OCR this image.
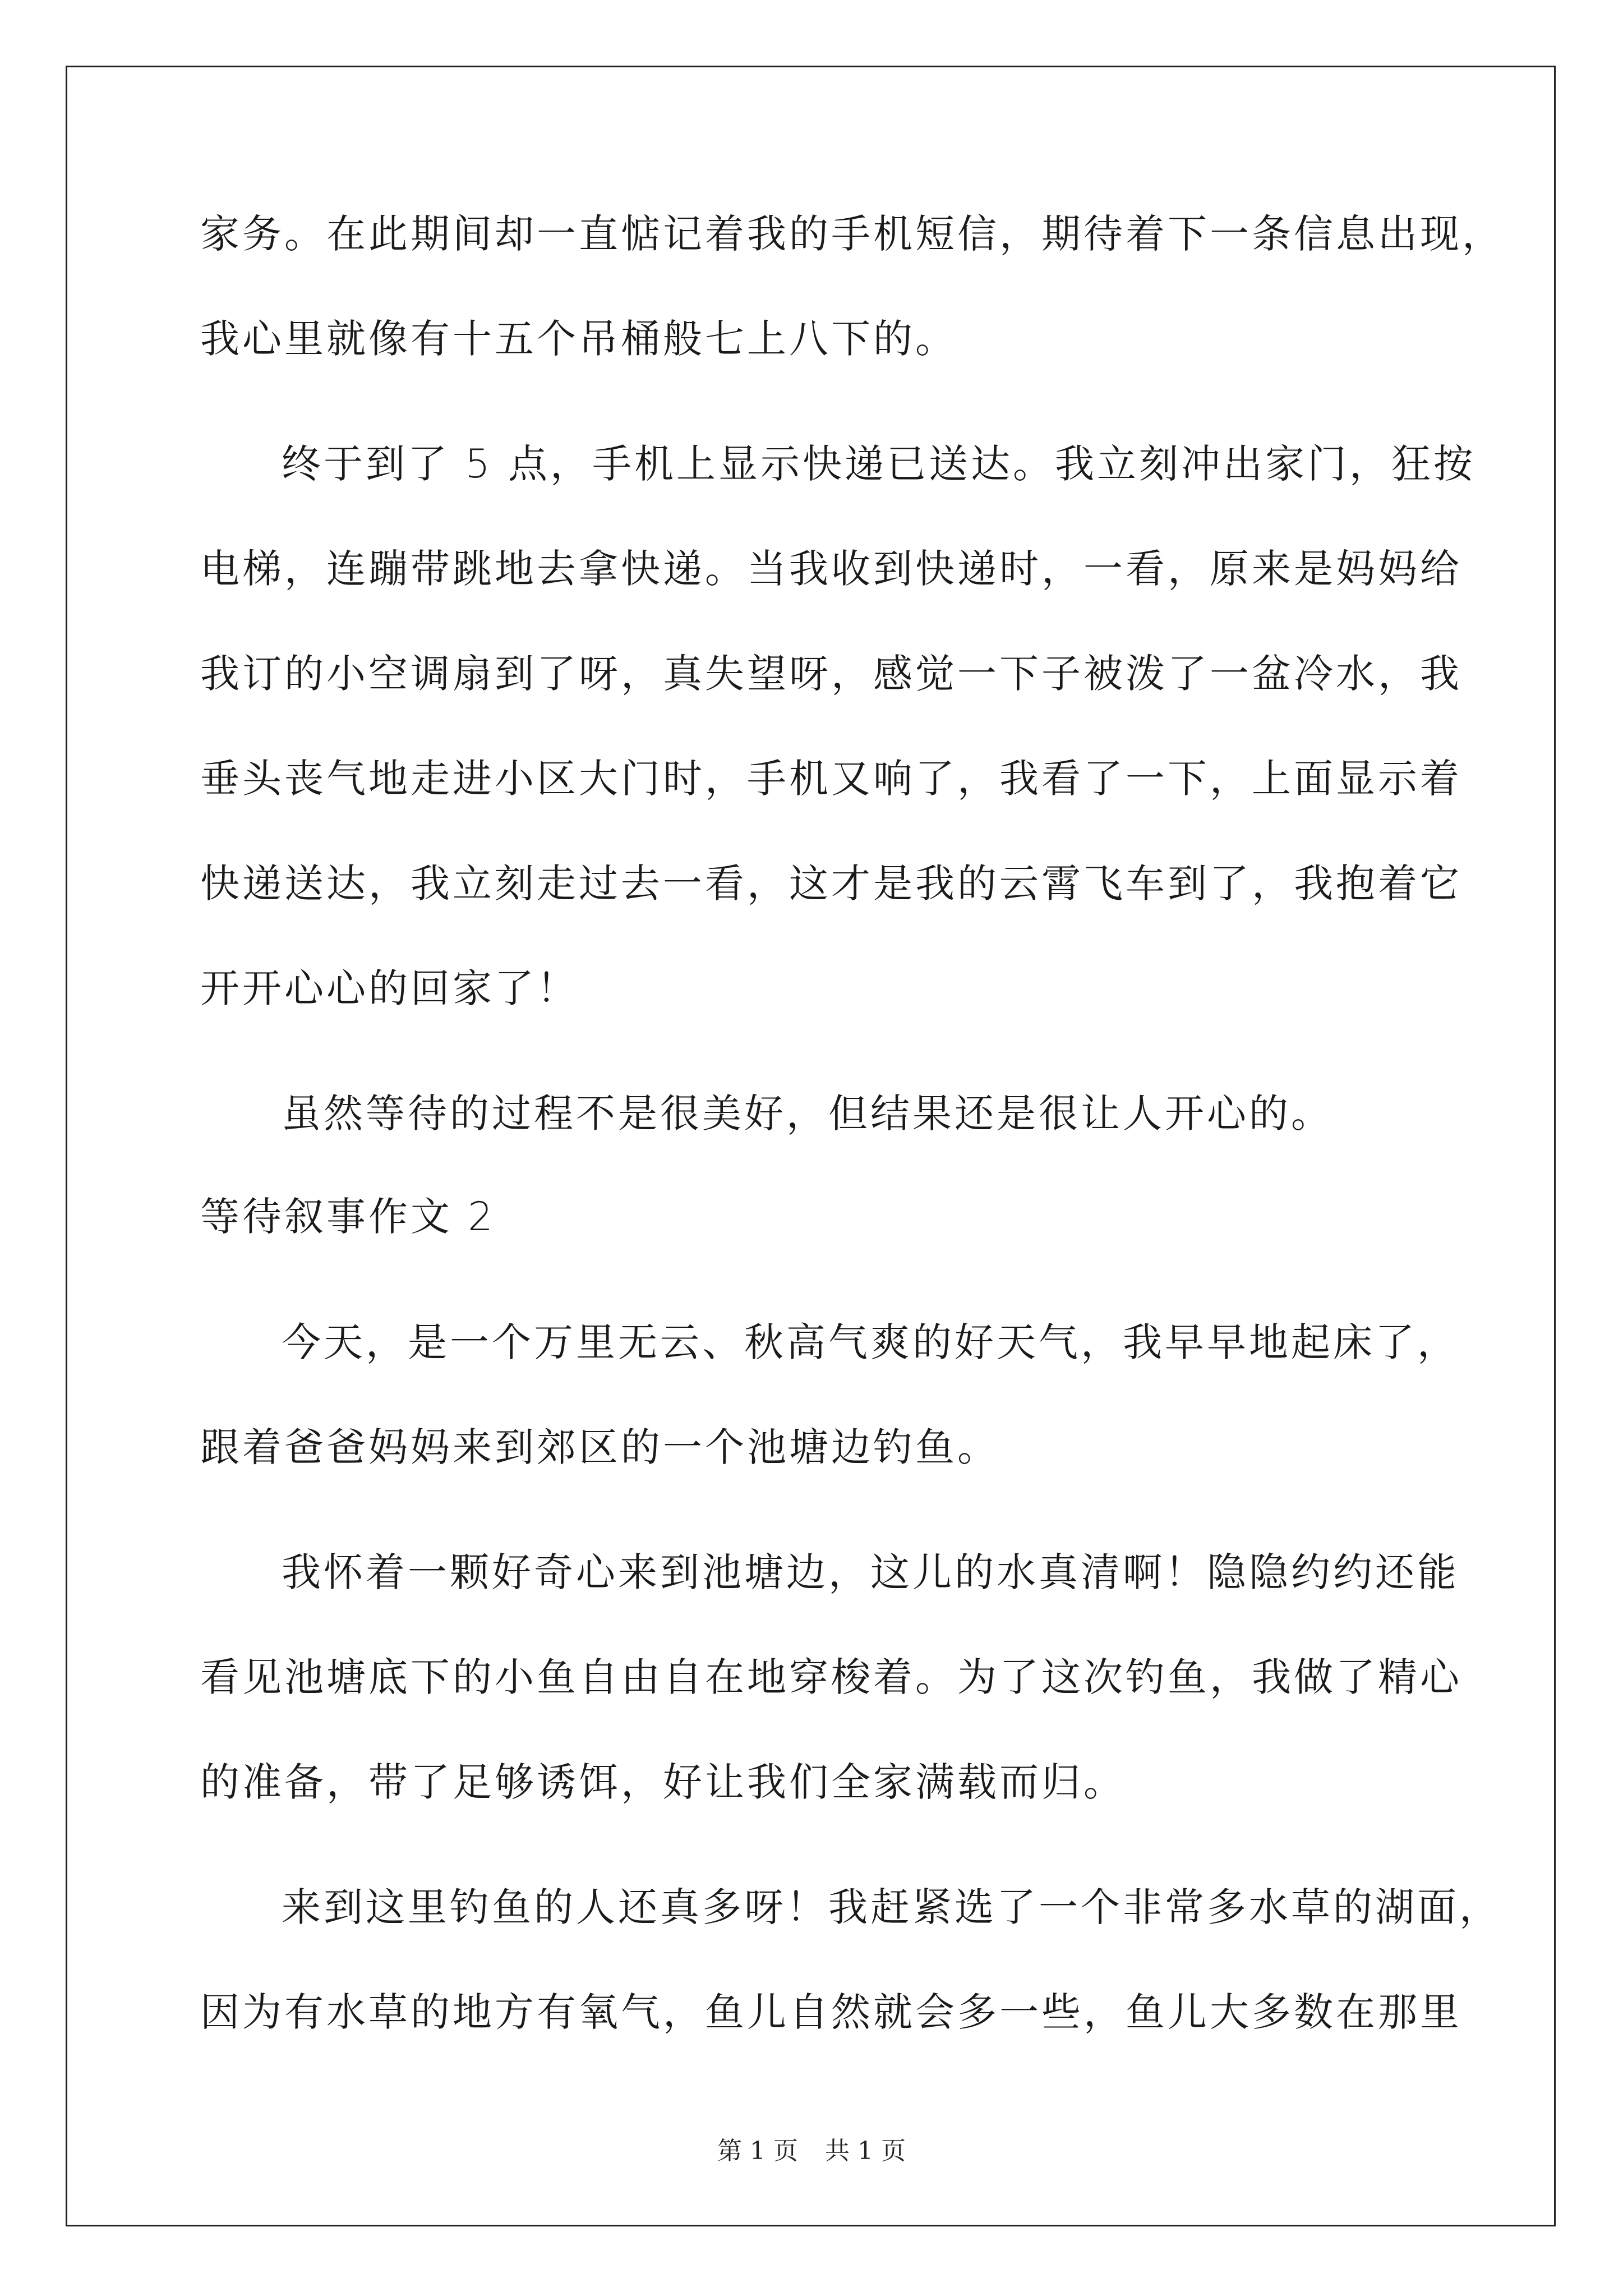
家务。在此期间却一直惦记着我的手机短信，期待着下一条信息出现，
我心里就像有十五个吊桶般七上八下的。
终于到了 5 点，手机上显示快递已送达。我立刻冲出家门，狂按
电梯，连蹦带跳地去拿快递。当我收到快递时，一看，原来是妈妈给
我订的小空调扇到了呀，真失望呀，感觉一下子被泼了一盆冷水，我
垂头丧气地走进小区大门时，手机又响了，我看了一下，上面显示着
快递送达，我立刻走过去一看，这才是我的云霄飞车到了，我抱着它
开开心心的回家了！
虽然等待的过程不是很美好，但结果还是很让人开心的。
等待叙事作文 2
今天，是一个万里无云、秋高气爽的好天气，我早早地起床了，
跟着爸爸妈妈来到郊区的一个池塘边钓鱼。
我怀着一颗好奇心来到池塘边，这儿的水真清啊！隐隐约约还能
看见池塘底下的小鱼自由自在地穿梭着。为了这次钓鱼，我做了精心
的准备，带了足够诱饵，好让我们全家满载而归。
来到这里钓鱼的人还真多呀！我赶紧选了一个非常多水草的湖面，
因为有水草的地方有氧气，鱼儿自然就会多一些，鱼儿大多数在那里
第 1 页 共 1 页
